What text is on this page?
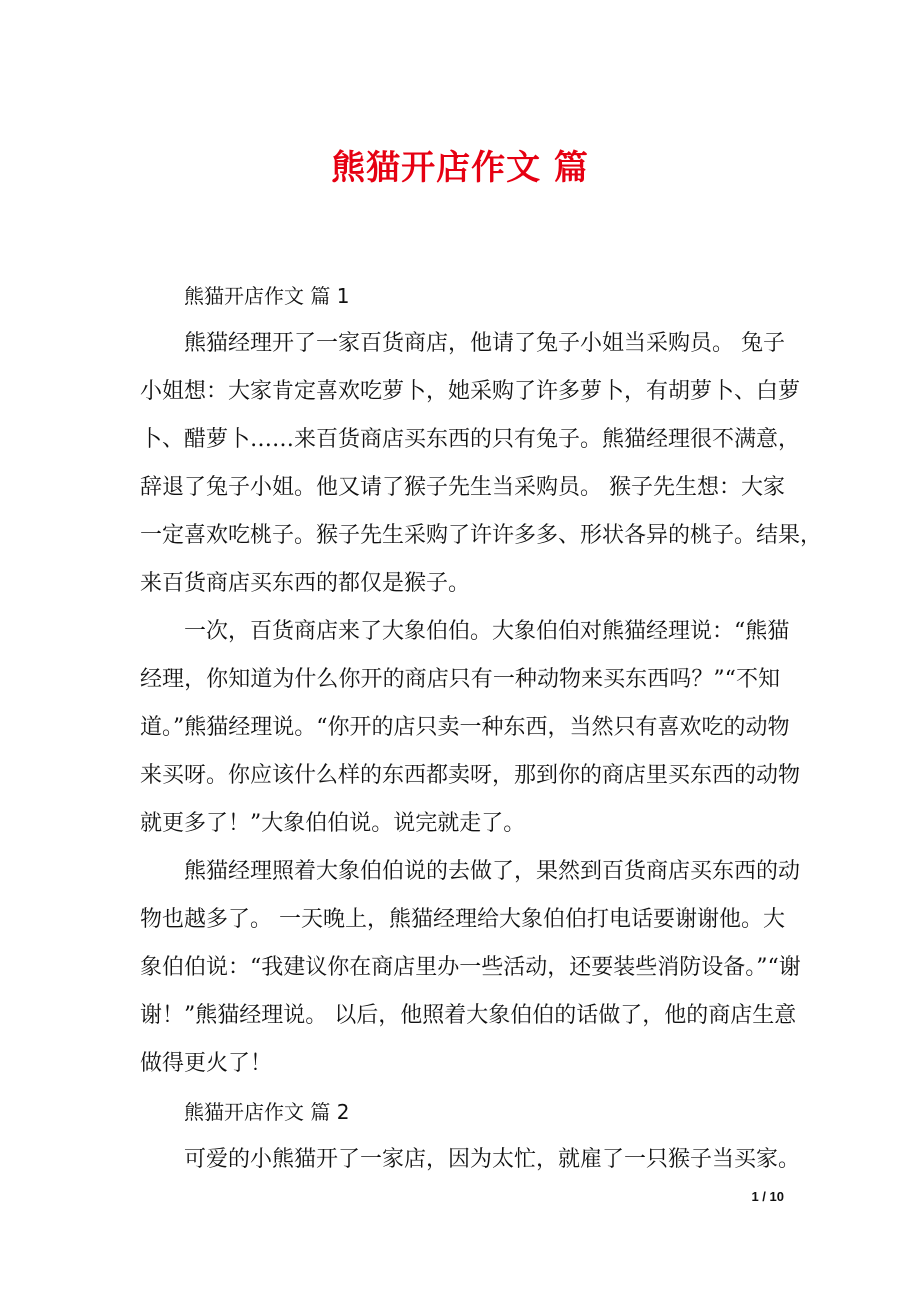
熊猫开店作文 篇
熊猫开店作文 篇 1
熊猫经理开了一家百货商店，他请了兔子小姐当采购员。 兔子
小姐想：大家肯定喜欢吃萝卜，她采购了许多萝卜，有胡萝卜、白萝
卜、醋萝卜……来百货商店买东西的只有兔子。熊猫经理很不满意，
辞退了兔子小姐。他又请了猴子先生当采购员。 猴子先生想：大家
一定喜欢吃桃子。猴子先生采购了许许多多、形状各异的桃子。结果，
来百货商店买东西的都仅是猴子。
一次，百货商店来了大象伯伯。大象伯伯对熊猫经理说：“熊猫
经理，你知道为什么你开的商店只有一种动物来买东西吗？”“不知
道。”熊猫经理说。“你开的店只卖一种东西，当然只有喜欢吃的动物
来买呀。你应该什么样的东西都卖呀，那到你的商店里买东西的动物
就更多了！”大象伯伯说。说完就走了。
熊猫经理照着大象伯伯说的去做了，果然到百货商店买东西的动
物也越多了。 一天晚上，熊猫经理给大象伯伯打电话要谢谢他。大
象伯伯说：“我建议你在商店里办一些活动，还要装些消防设备。”“谢
谢！”熊猫经理说。 以后，他照着大象伯伯的话做了，他的商店生意
做得更火了！
熊猫开店作文 篇 2
可爱的小熊猫开了一家店，因为太忙，就雇了一只猴子当买家。
1 / 10
